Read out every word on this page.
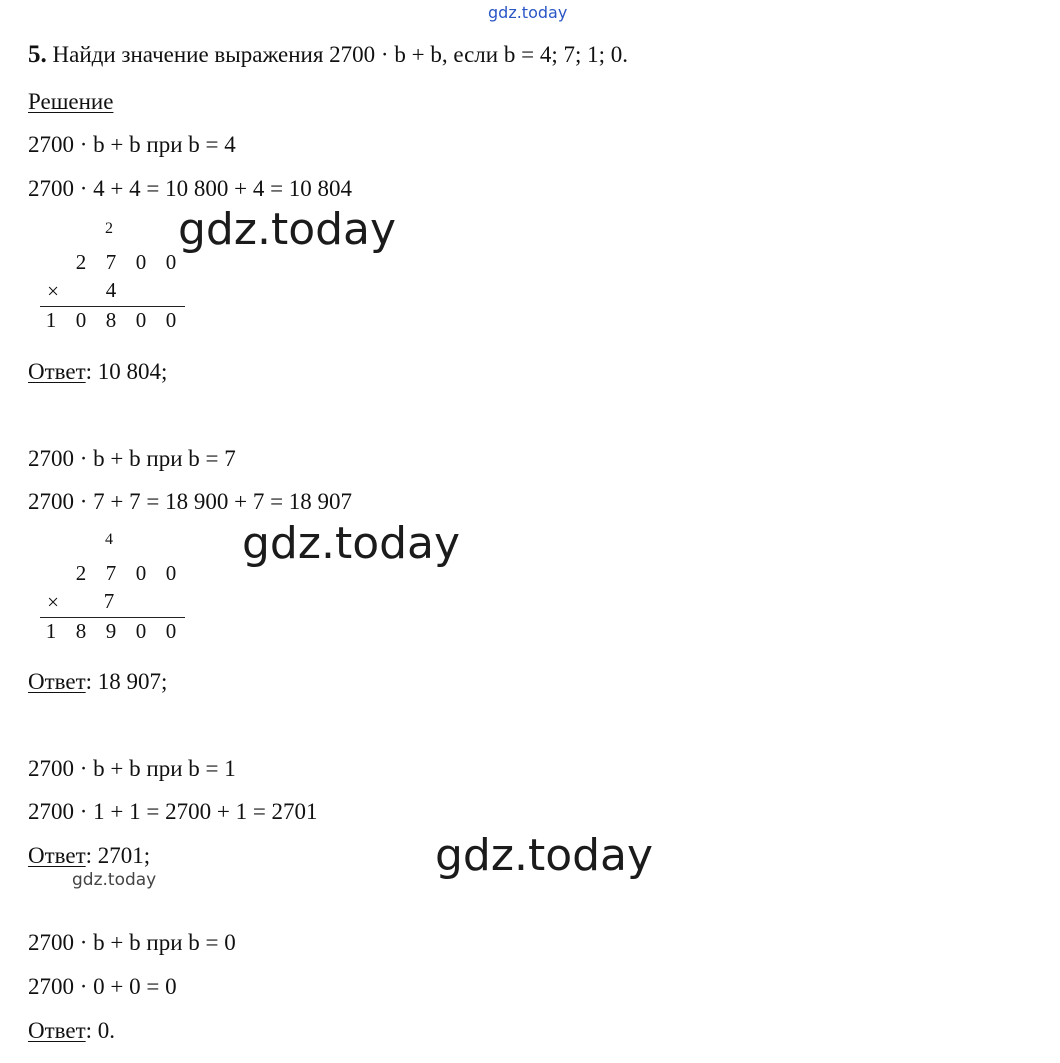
gdz.today
gdz.today
gdz.today
gdz.today
gdz.today
5. Найди значение выражения 2700 · b + b, если b = 4; 7; 1; 0.
Решение
2700 · b + b при b = 4
2700 · 4 + 4 = 10 800 + 4 = 10 804
2
2 7 0 0
×	4
1 0 8 0 0
Ответ: 10 804;
2700 · b + b при b = 7
2700 · 7 + 7 = 18 900 + 7 = 18 907
4
2 7 0 0
×	7
1 8 9 0 0
Ответ: 18 907;
2700 · b + b при b = 1
2700 · 1 + 1 = 2700 + 1 = 2701
Ответ: 2701;
2700 · b + b при b = 0
2700 · 0 + 0 = 0
Ответ: 0.
